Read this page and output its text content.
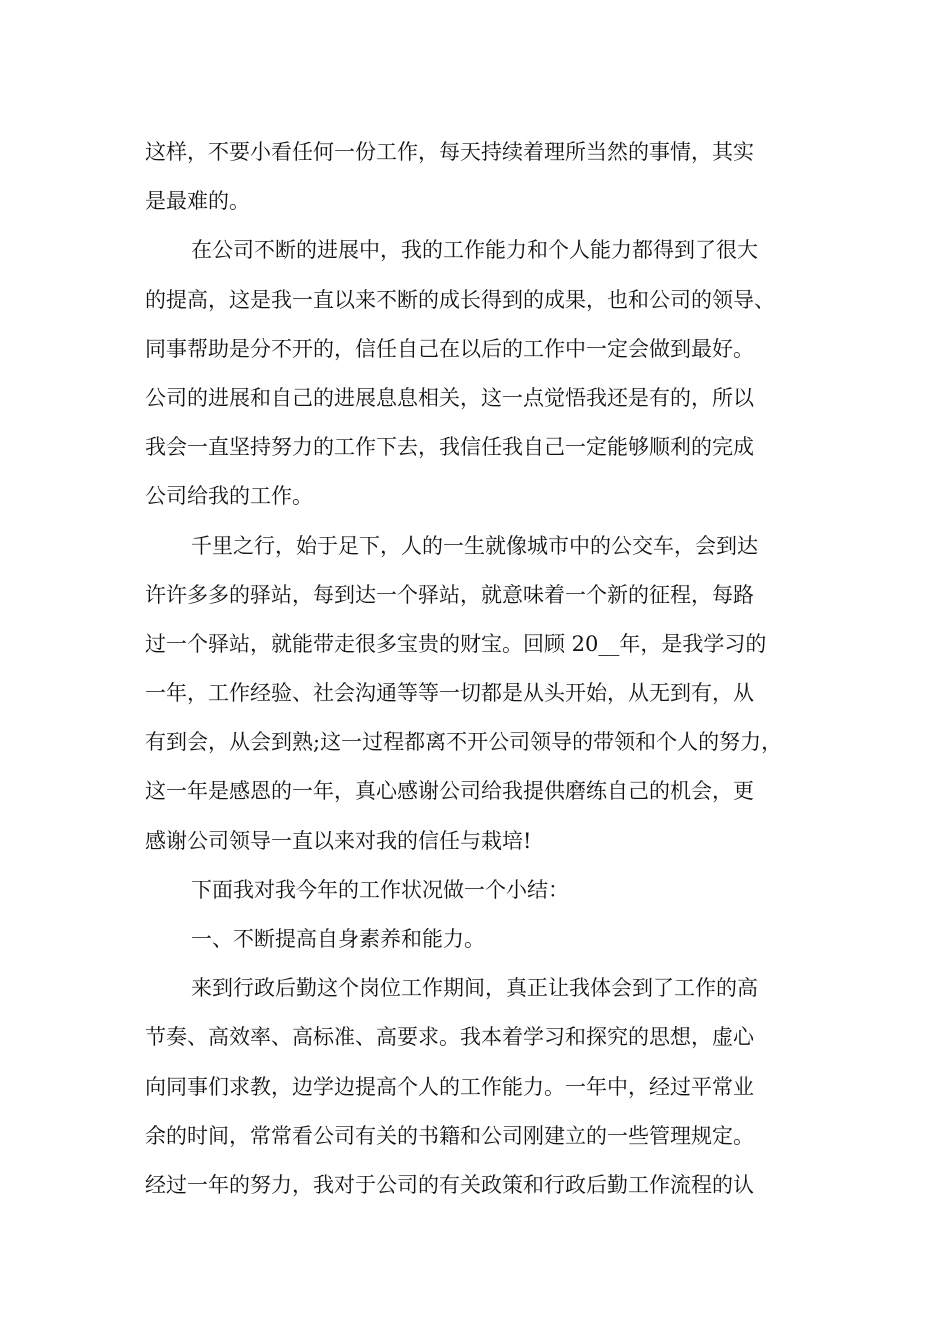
这样，不要小看任何一份工作，每天持续着理所当然的事情，其实
是最难的。
在公司不断的进展中，我的工作能力和个人能力都得到了很大
的提高，这是我一直以来不断的成长得到的成果，也和公司的领导、
同事帮助是分不开的，信任自己在以后的工作中一定会做到最好。
公司的进展和自己的进展息息相关，这一点觉悟我还是有的，所以
我会一直坚持努力的工作下去，我信任我自己一定能够顺利的完成
公司给我的工作。
千里之行，始于足下，人的一生就像城市中的公交车，会到达
许许多多的驿站，每到达一个驿站，就意味着一个新的征程，每路
过一个驿站，就能带走很多宝贵的财宝。回顾 20__年，是我学习的
一年，工作经验、社会沟通等等一切都是从头开始，从无到有，从
有到会，从会到熟;这一过程都离不开公司领导的带领和个人的努力，
这一年是感恩的一年，真心感谢公司给我提供磨练自己的机会，更
感谢公司领导一直以来对我的信任与栽培!
下面我对我今年的工作状况做一个小结：
一、不断提高自身素养和能力。
来到行政后勤这个岗位工作期间，真正让我体会到了工作的高
节奏、高效率、高标准、高要求。我本着学习和探究的思想，虚心
向同事们求教，边学边提高个人的工作能力。一年中，经过平常业
余的时间，常常看公司有关的书籍和公司刚建立的一些管理规定。
经过一年的努力，我对于公司的有关政策和行政后勤工作流程的认
